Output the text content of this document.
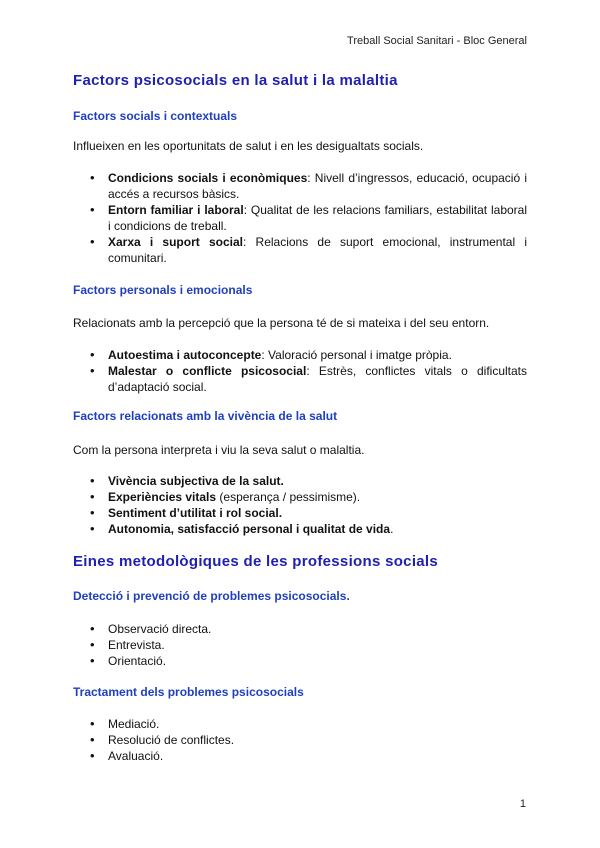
Treball Social Sanitari - Bloc General
Factors psicosocials en la salut i la malaltia
Factors socials i contextuals

Influeixen en les oportunitats de salut i en les desigualtats socials.

• Condicions socials i econòmiques: Nivell d’ingressos, educació, ocupació i accés a recursos bàsics.
• Entorn familiar i laboral: Qualitat de les relacions familiars, estabilitat laboral i condicions de treball.
• Xarxa i suport social: Relacions de suport emocional, instrumental i comunitari.
Factors personals i emocionals

Relacionats amb la percepció que la persona té de si mateixa i del seu entorn.

• Autoestima i autoconcepte: Valoració personal i imatge pròpia.
• Malestar o conflicte psicosocial: Estrès, conflictes vitals o dificultats d’adaptació social.
Factors relacionats amb la vivència de la salut

Com la persona interpreta i viu la seva salut o malaltia.

• Vivència subjectiva de la salut.
• Experiències vitals (esperança / pessimisme).
• Sentiment d’utilitat i rol social.
• Autonomia, satisfacció personal i qualitat de vida.
Eines metodològiques de les professions socials
Detecció i prevenció de problemes psicosocials.
• Observació directa.
• Entrevista.
• Orientació.
Tractament dels problemes psicosocials
• Mediació.
• Resolució de conflictes.
• Avaluació.
1
